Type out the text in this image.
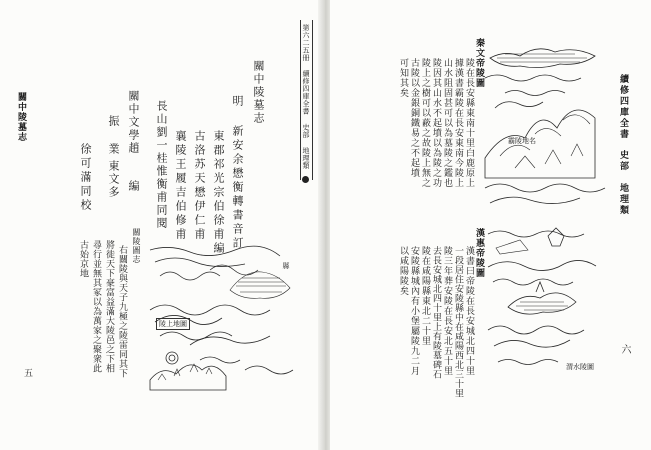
關中陵墓志
五
第六二五冊 續修四庫全書 史部 地理類
關中陵墓志
明 新安余懋衡轉書音訂
東郡祁光宗伯徐甫編
古洛苏天懋伊仁甫
襄陵王履吉伯修甫
長山劉一桂惟衡甫同閱
關中文學趙
振 業
編
東文多
徐可滿同校
關陵圖志
右關陵與天子九極之陵雷同其下
將徙天下豪富益滿大陵邑之下相
尋行並無其冢以為萬家之聚衆此
古始京地
陵上地圖
縣
續修四庫全書
史部　地理類
六
秦文帝陵圖
陵在長安縣東南十里白鹿原上
據漢書霸陵在長安東南今陵上
山水阻固甚可以為墓陵之鑑也
陵因其山水不起墳以為陵之功
陵上之樹可以蔽之故陵上無之
古陵以金銀銅鐵易之不起墳
可知其矣
霸陵地名
漢惠帝陵圖
漢書曰帝陵在長安城北四十里
一段居住安陵縣中在咸陽西北三十里
陵三年葬安陵在長安北五十里
去長安城北四十里上有陵墓碑石
陵在咸陽縣東北二十里
安陵縣城內有小堡屬陵九二月
以咸陽陵矣
渭水陵圖
